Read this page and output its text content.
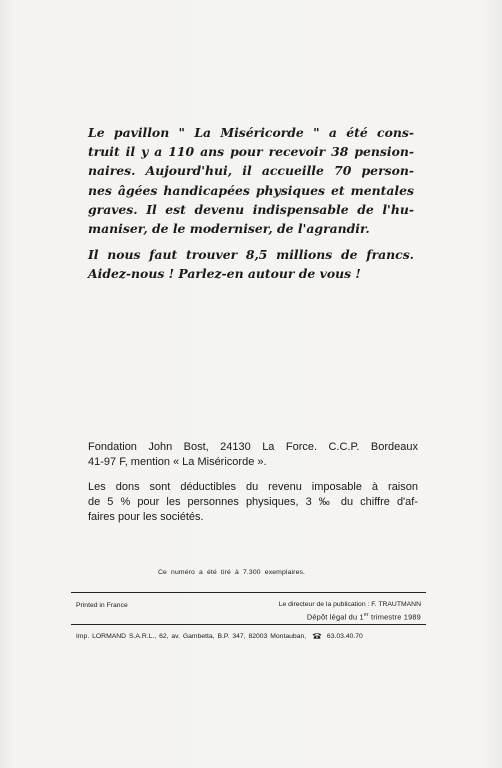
Le pavillon " La Miséricorde " a été cons-
truit il y a 110 ans pour recevoir 38 pension-
naires. Aujourd'hui, il accueille 70 person-
nes âgées handicapées physiques et mentales
graves. Il est devenu indispensable de l'hu-
maniser, de le moderniser, de l'agrandir.

Il nous faut trouver 8,5 millions de francs.
Aidez-nous ! Parlez-en autour de vous !

Fondation John Bost, 24130 La Force. C.C.P. Bordeaux
41-97 F, mention « La Miséricorde ».

Les dons sont déductibles du revenu imposable à raison
de 5 % pour les personnes physiques, 3 ‰ du chiffre d'af-
faires pour les sociétés.

Ce numéro a été tiré à 7.300 exemplaires.
Printed in France	Le directeur de la publication : F. TRAUTMANN
Dépôt légal du 1er trimestre 1989
Imp. LORMAND S.A.R.L., 62, av. Gambetta, B.P. 347, 82003 Montauban,	63.03.40.70
